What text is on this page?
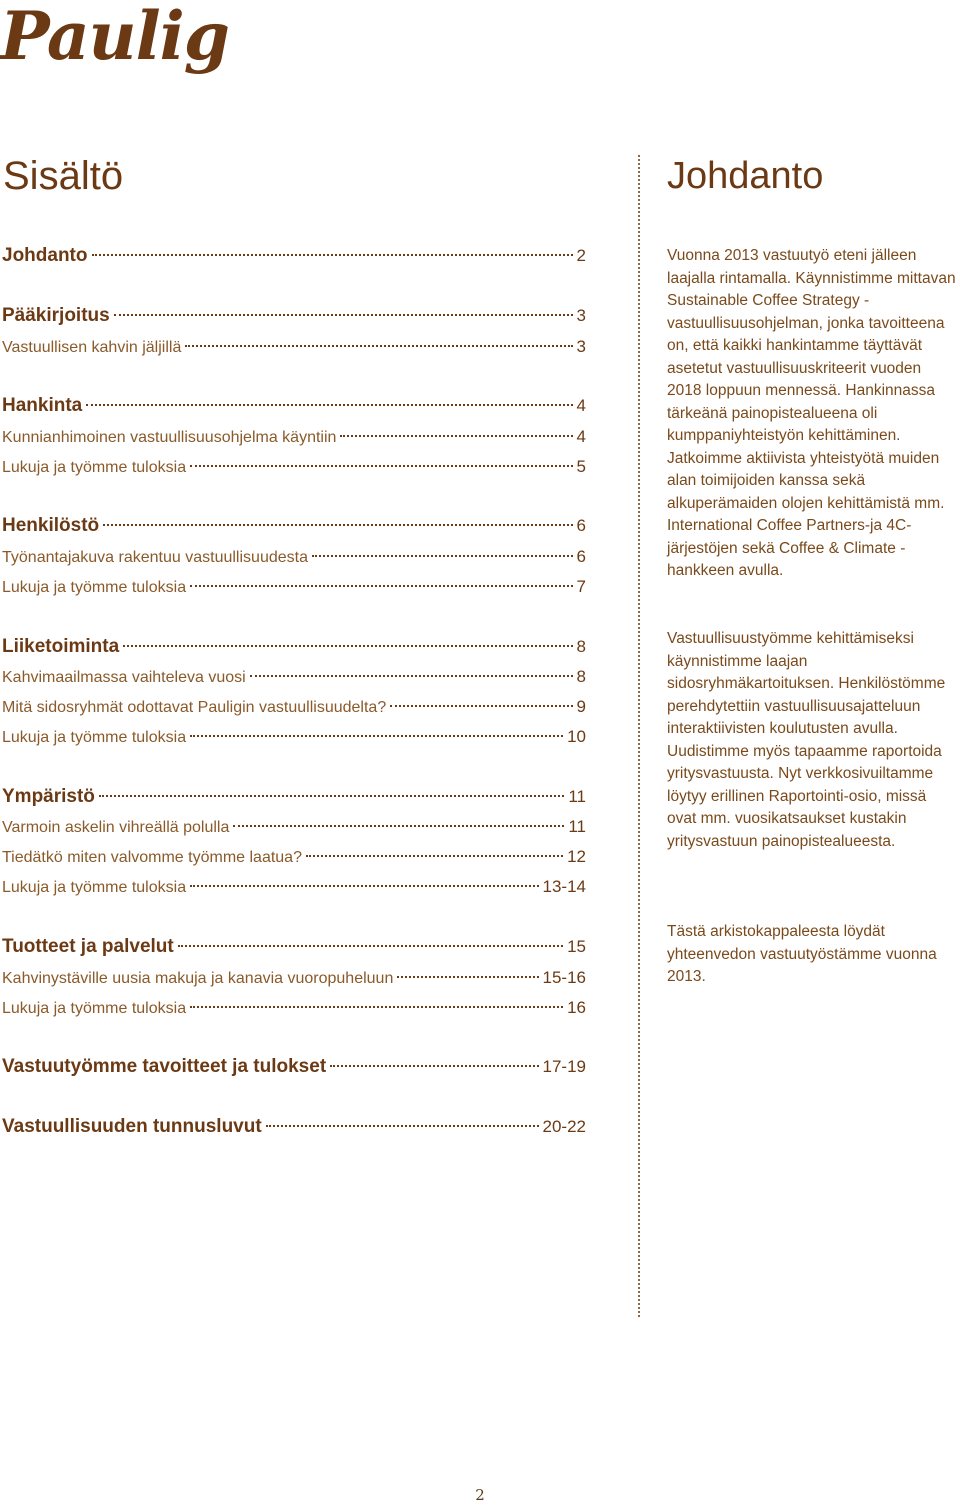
Paulig
Sisältö	Johdanto
Johdanto	2
Pääkirjoitus	3
Vastuullisen kahvin jäljillä	3
Hankinta	4
Kunnianhimoinen vastuullisuusohjelma käyntiin	4
Lukuja ja työmme tuloksia	5
Henkilöstö	6
Työnantajakuva rakentuu vastuullisuudesta	6
Lukuja ja työmme tuloksia	7
Liiketoiminta	8
Kahvimaailmassa vaihteleva vuosi	8
Mitä sidosryhmät odottavat Pauligin vastuullisuudelta?	9
Lukuja ja työmme tuloksia	10
Ympäristö	11
Varmoin askelin vihreällä polulla	11
Tiedätkö miten valvomme työmme laatua?	12
Lukuja ja työmme tuloksia	13-14
Tuotteet ja palvelut	15
Kahvinystäville uusia makuja ja kanavia vuoropuheluun	15-16
Lukuja ja työmme tuloksia	16
Vastuutyömme tavoitteet ja tulokset	17-19
Vastuullisuuden tunnusluvut	20-22

Vuonna 2013 vastuutyö eteni jälleen laajalla rintamalla. Käynnistimme mittavan Sustainable Coffee Strategy -vastuullisuusohjelman, jonka tavoitteena on, että kaikki hankintamme täyttävät asetetut vastuullisuuskriteerit vuoden 2018 loppuun mennessä. Hankinnassa tärkeänä painopistealueena oli kumppaniyhteistyön kehittäminen. Jatkoimme aktiivista yhteistyötä muiden alan toimijoiden kanssa sekä alkuperämaiden olojen kehittämistä mm. International Coffee Partners-ja 4C-järjestöjen sekä Coffee & Climate -hankkeen avulla.

Vastuullisuustyömme kehittämiseksi käynnistimme laajan sidosryhmäkartoituksen. Henkilöstömme perehdytettiin vastuullisuusajatteluun interaktiivisten koulutusten avulla. Uudistimme myös tapaamme raportoida yritysvastuusta. Nyt verkkosivuiltamme löytyy erillinen Raportointi-osio, missä ovat mm. vuosikatsaukset kustakin yritysvastuun painopistealueesta.

Tästä arkistokappaleesta löydät yhteenvedon vastuutyöstämme vuonna 2013.

2
